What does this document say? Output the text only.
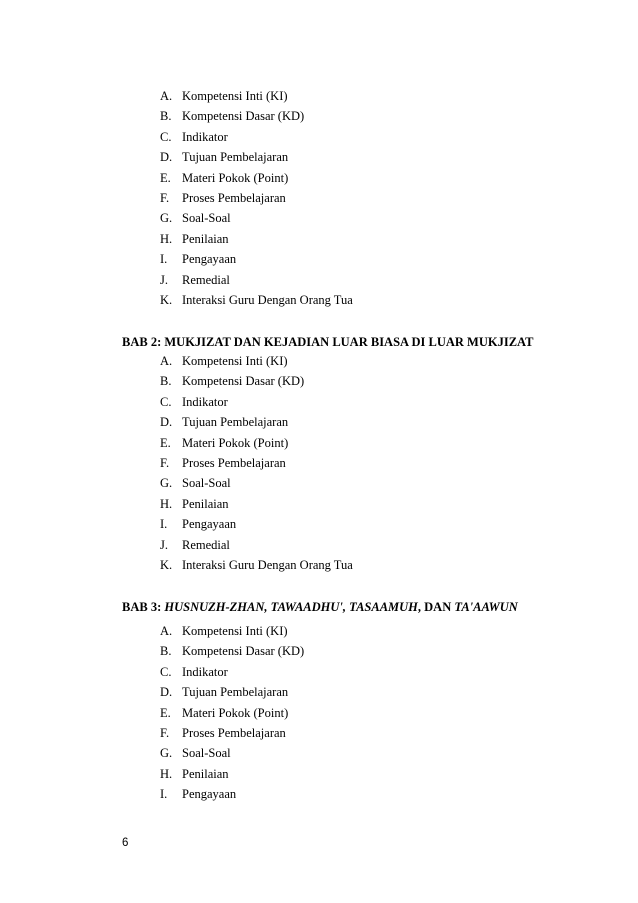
A. Kompetensi Inti (KI)
B. Kompetensi Dasar (KD)
C. Indikator
D. Tujuan Pembelajaran
E. Materi Pokok (Point)
F. Proses Pembelajaran
G. Soal-Soal
H. Penilaian
I. Pengayaan
J. Remedial
K. Interaksi Guru Dengan Orang Tua
BAB 2: MUKJIZAT DAN KEJADIAN LUAR BIASA DI LUAR MUKJIZAT
A. Kompetensi Inti (KI)
B. Kompetensi Dasar (KD)
C. Indikator
D. Tujuan Pembelajaran
E. Materi Pokok (Point)
F. Proses Pembelajaran
G. Soal-Soal
H. Penilaian
I. Pengayaan
J. Remedial
K. Interaksi Guru Dengan Orang Tua
BAB 3: HUSNUZH-ZHAN, TAWAADHU', TASAAMUH, DAN TA'AAWUN
A. Kompetensi Inti (KI)
B. Kompetensi Dasar (KD)
C. Indikator
D. Tujuan Pembelajaran
E. Materi Pokok (Point)
F. Proses Pembelajaran
G. Soal-Soal
H. Penilaian
I. Pengayaan
6
